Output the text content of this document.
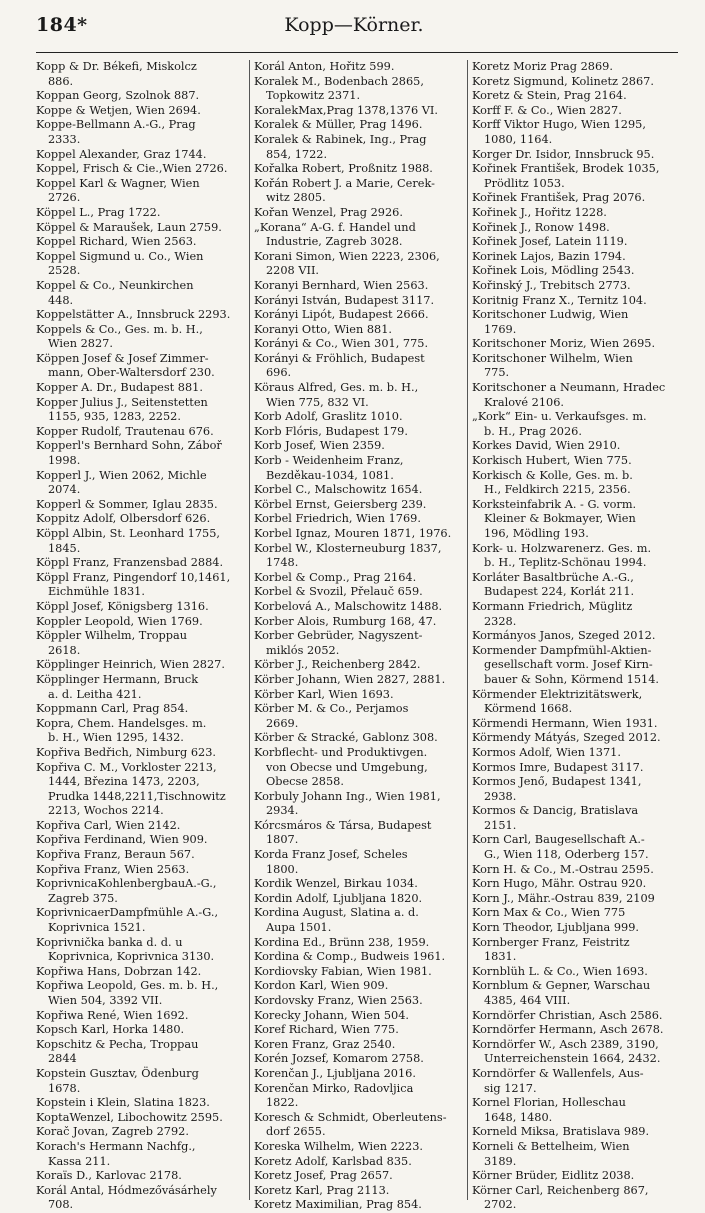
184*	Kopp—Körner.
Kopp & Dr. Békefi, Miskolcz
886.
Koppan Georg, Szolnok 887.
Koppe & Wetjen, Wien 2694.
Koppe-Bellmann A.-G., Prag
2333.
Koppel Alexander, Graz 1744.
Koppel, Frisch & Cie.,Wien 2726.
Koppel Karl & Wagner, Wien
2726.
Köppel L., Prag 1722.
Köppel & Maraušek, Laun 2759.
Koppel Richard, Wien 2563.
Koppel Sigmund u. Co., Wien
2528.
Koppel & Co., Neunkirchen
448.
Koppelstätter A., Innsbruck 2293.
Koppels & Co., Ges. m. b. H.,
Wien 2827.
Köppen Josef & Josef Zimmer-
mann, Ober-Waltersdorf 230.
Kopper A. Dr., Budapest 881.
Kopper Julius J., Seitenstetten
1155, 935, 1283, 2252.
Kopper Rudolf, Trautenau 676.
Kopperl's Bernhard Sohn, Záboř
1998.
Kopperl J., Wien 2062, Michle
2074.
Kopperl & Sommer, Iglau 2835.
Koppitz Adolf, Olbersdorf 626.
Köppl Albin, St. Leonhard 1755,
1845.
Köppl Franz, Franzensbad 2884.
Köppl Franz, Pingendorf 10,1461,
Eichmühle 1831.
Köppl Josef, Königsberg 1316.
Koppler Leopold, Wien 1769.
Köppler Wilhelm, Troppau
2618.
Köpplinger Heinrich, Wien 2827.
Köpplinger Hermann, Bruck
a. d. Leitha 421.
Koppmann Carl, Prag 854.
Kopra, Chem. Handelsges. m.
b. H., Wien 1295, 1432.
Kopřiva Bedřich, Nimburg 623.
Kopřiva C. M., Vorkloster 2213,
1444, Březina 1473, 2203,
Prudka 1448,2211,Tischnowitz
2213, Wochos 2214.
Kopřiva Carl, Wien 2142.
Kopřiva Ferdinand, Wien 909.
Kopřiva Franz, Beraun 567.
Kopřiva Franz, Wien 2563.
KoprivnicaKohlenbergbauA.-G.,
Zagreb 375.
KoprivnicaerDampfmühle A.-G.,
Koprivnica 1521.
Koprivnička banka d. d. u
Koprivnica, Koprivnica 3130.
Kopřiwa Hans, Dobrzan 142.
Kopřiwa Leopold, Ges. m. b. H.,
Wien 504, 3392 VII.
Kopřiwa René, Wien 1692.
Kopsch Karl, Horka 1480.
Kopschitz & Pecha, Troppau
2844
Kopstein Gusztav, Ödenburg
1678.
Kopstein i Klein, Slatina 1823.
KoptaWenzel, Libochowitz 2595.
Korač Jovan, Zagreb 2792.
Korach's Hermann Nachfg.,
Kassa 211.
Koraïs D., Karlovac 2178.
Korál Antal, Hódmezővásárhely
708.
Korál Anton, Hořitz 599.
Koralek M., Bodenbach 2865,
Topkowitz 2371.
KoralekMax,Prag 1378,1376 VI.
Koralek & Müller, Prag 1496.
Koralek & Rabinek, Ing., Prag
854, 1722.
Kořalka Robert, Proßnitz 1988.
Kořán Robert J. a Marie, Cerek-
witz 2805.
Kořan Wenzel, Prag 2926.
„Korana“ A-G. f. Handel und
Industrie, Zagreb 3028.
Korani Simon, Wien 2223, 2306,
2208 VII.
Koranyi Bernhard, Wien 2563.
Korányi István, Budapest 3117.
Korányi Lipót, Budapest 2666.
Koranyi Otto, Wien 881.
Korányi & Co., Wien 301, 775.
Korányi & Fröhlich, Budapest
696.
Köraus Alfred, Ges. m. b. H.,
Wien 775, 832 VI.
Korb Adolf, Graslitz 1010.
Korb Flóris, Budapest 179.
Korb Josef, Wien 2359.
Korb - Weidenheim Franz,
Bezděkau-1034, 1081.
Korbel C., Malschowitz 1654.
Körbel Ernst, Geiersberg 239.
Korbel Friedrich, Wien 1769.
Korbel Ignaz, Mouren 1871, 1976.
Korbel W., Klosterneuburg 1837,
1748.
Korbel & Comp., Prag 2164.
Korbel & Svozil, Přelauč 659.
Korbelová A., Malschowitz 1488.
Korber Alois, Rumburg 168, 47.
Korber Gebrüder, Nagyszent-
miklós 2052.
Körber J., Reichenberg 2842.
Körber Johann, Wien 2827, 2881.
Körber Karl, Wien 1693.
Körber M. & Co., Perjamos
2669.
Körber & Stracké, Gablonz 308.
Korbflecht- und Produktivgen.
von Obecse und Umgebung,
Obecse 2858.
Korbuly Johann Ing., Wien 1981,
2934.
Kórcsmáros & Társa, Budapest
1807.
Korda Franz Josef, Scheles
1800.
Kordik Wenzel, Birkau 1034.
Kordin Adolf, Ljubljana 1820.
Kordina August, Slatina a. d.
Aupa 1501.
Kordina Ed., Brünn 238, 1959.
Kordina & Comp., Budweis 1961.
Kordiovsky Fabian, Wien 1981.
Kordon Karl, Wien 909.
Kordovsky Franz, Wien 2563.
Korecky Johann, Wien 504.
Koref Richard, Wien 775.
Koren Franz, Graz 2540.
Korén Jozsef, Komarom 2758.
Korenčan J., Ljubljana 2016.
Korenčan Mirko, Radovljica
1822.
Koresch & Schmidt, Oberleutens-
dorf 2655.
Koreska Wilhelm, Wien 2223.
Koretz Adolf, Karlsbad 835.
Koretz Josef, Prag 2657.
Koretz Karl, Prag 2113.
Koretz Maximilian, Prag 854.
Koretz Moriz Prag 2869.
Koretz Sigmund, Kolinetz 2867.
Koretz & Stein, Prag 2164.
Korff F. & Co., Wien 2827.
Korff Viktor Hugo, Wien 1295,
1080, 1164.
Korger Dr. Isidor, Innsbruck 95.
Kořinek František, Brodek 1035,
Prödlitz 1053.
Kořinek František, Prag 2076.
Kořinek J., Hořitz 1228.
Kořinek J., Ronow 1498.
Kořinek Josef, Latein 1119.
Korinek Lajos, Bazin 1794.
Kořinek Lois, Mödling 2543.
Kořinský J., Trebitsch 2773.
Koritnig Franz X., Ternitz 104.
Koritschoner Ludwig, Wien
1769.
Koritschoner Moriz, Wien 2695.
Koritschoner Wilhelm, Wien
775.
Koritschoner a Neumann, Hradec
Kralové 2106.
„Kork“ Ein- u. Verkaufsges. m.
b. H., Prag 2026.
Korkes David, Wien 2910.
Korkisch Hubert, Wien 775.
Korkisch & Kolle, Ges. m. b.
H., Feldkirch 2215, 2356.
Korksteinfabrik A. - G. vorm.
Kleiner & Bokmayer, Wien
196, Mödling 193.
Kork- u. Holzwarenerz. Ges. m.
b. H., Teplitz-Schönau 1994.
Korláter Basaltbrüche A.-G.,
Budapest 224, Korlát 211.
Kormann Friedrich, Müglitz
2328.
Kormányos Janos, Szeged 2012.
Kormender Dampfmühl-Aktien-
gesellschaft vorm. Josef Kirn-
bauer & Sohn, Körmend 1514.
Körmender Elektrizitätswerk,
Körmend 1668.
Körmendi Hermann, Wien 1931.
Körmendy Mátyás, Szeged 2012.
Kormos Adolf, Wien 1371.
Kormos Imre, Budapest 3117.
Kormos Jenő, Budapest 1341,
2938.
Kormos & Dancig, Bratislava
2151.
Korn Carl, Baugesellschaft A.-
G., Wien 118, Oderberg 157.
Korn H. & Co., M.-Ostrau 2595.
Korn Hugo, Mähr. Ostrau 920.
Korn J., Mähr.-Ostrau 839, 2109
Korn Max & Co., Wien 775
Korn Theodor, Ljubljana 999.
Kornberger Franz, Feistritz
1831.
Kornblüh L. & Co., Wien 1693.
Kornblum & Gepner, Warschau
4385, 464 VIII.
Korndörfer Christian, Asch 2586.
Korndörfer Hermann, Asch 2678.
Korndörfer W., Asch 2389, 3190,
Unterreichenstein 1664, 2432.
Korndörfer & Wallenfels, Aus-
sig 1217.
Kornel Florian, Holleschau
1648, 1480.
Korneld Miksa, Bratislava 989.
Korneli & Bettelheim, Wien
3189.
Körner Brüder, Eidlitz 2038.
Körner Carl, Reichenberg 867,
2702.
